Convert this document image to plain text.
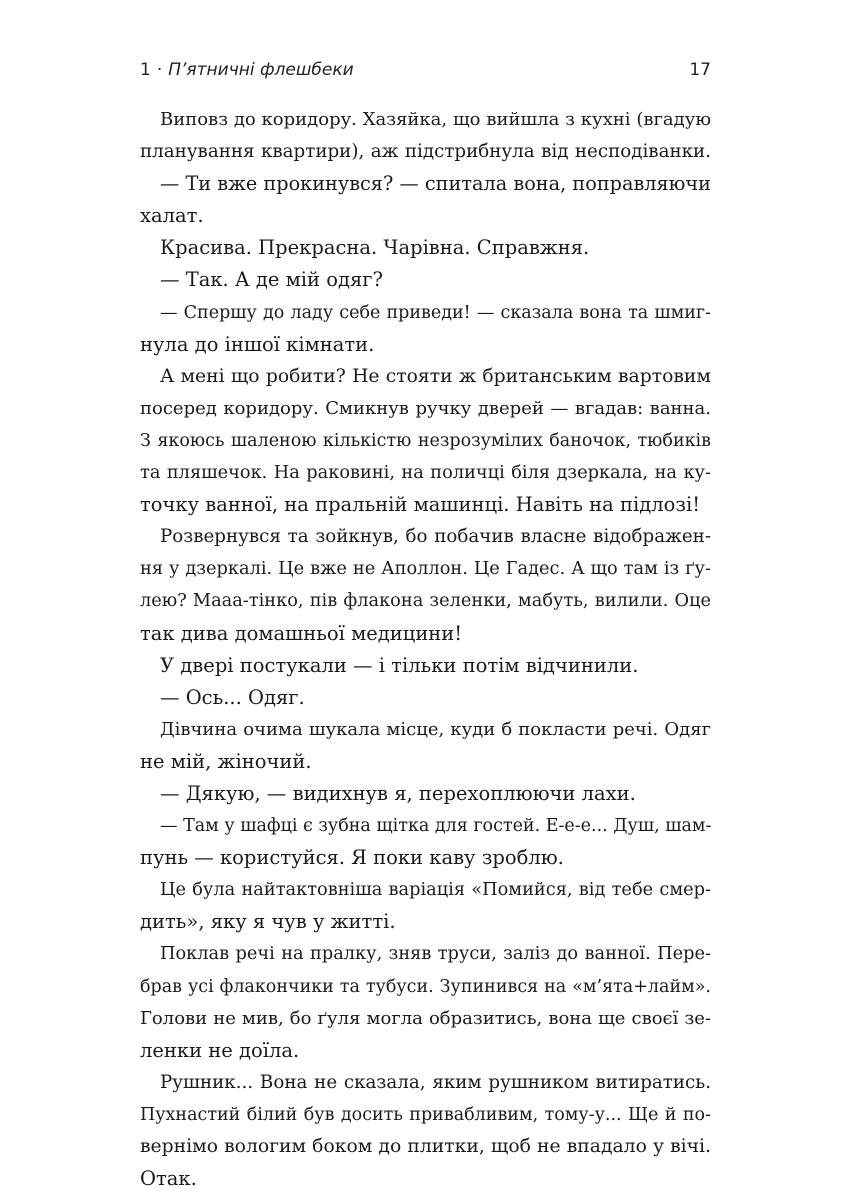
1 · П’ятничні флешбеки	17
Виповз до коридору. Хазяйка, що вийшла з кухні (вгадую
планування квартири), аж підстрибнула від несподіванки.
— Ти вже прокинувся? — спитала вона, поправляючи
халат.
Красива. Прекрасна. Чарівна. Справжня.
— Так. А де мій одяг?
— Спершу до ладу себе приведи! — сказала вона та шмиг-
нула до іншої кімнати.
А мені що робити? Не стояти ж британським вартовим
посеред коридору. Смикнув ручку дверей — вгадав: ванна.
З якоюсь шаленою кількістю незрозумілих баночок, тюбиків
та пляшечок. На раковині, на поличці біля дзеркала, на ку-
точку ванної, на пральній машинці. Навіть на підлозі!
Розвернувся та зойкнув, бо побачив власне відображен-
ня у дзеркалі. Це вже не Аполлон. Це Гадес. А що там із ґу-
лею? Мааа-тінко, пів флакона зеленки, мабуть, вилили. Оце
так дива домашньої медицини!
У двері постукали — і тільки потім відчинили.
— Ось... Одяг.
Дівчина очима шукала місце, куди б покласти речі. Одяг
не мій, жіночий.
— Дякую, — видихнув я, перехоплюючи лахи.
— Там у шафці є зубна щітка для гостей. Е-е-е... Душ, шам-
пунь — користуйся. Я поки каву зроблю.
Це була найтактовніша варіація «Помийся, від тебе смер-
дить», яку я чув у житті.
Поклав речі на пралку, зняв труси, заліз до ванної. Пере-
брав усі флакончики та тубуси. Зупинився на «м’ята+лайм».
Голови не мив, бо ґуля могла образитись, вона ще своєї зе-
ленки не доїла.
Рушник... Вона не сказала, яким рушником витиратись.
Пухнастий білий був досить привабливим, тому-у... Ще й по-
вернімо вологим боком до плитки, щоб не впадало у вічі.
Отак.
